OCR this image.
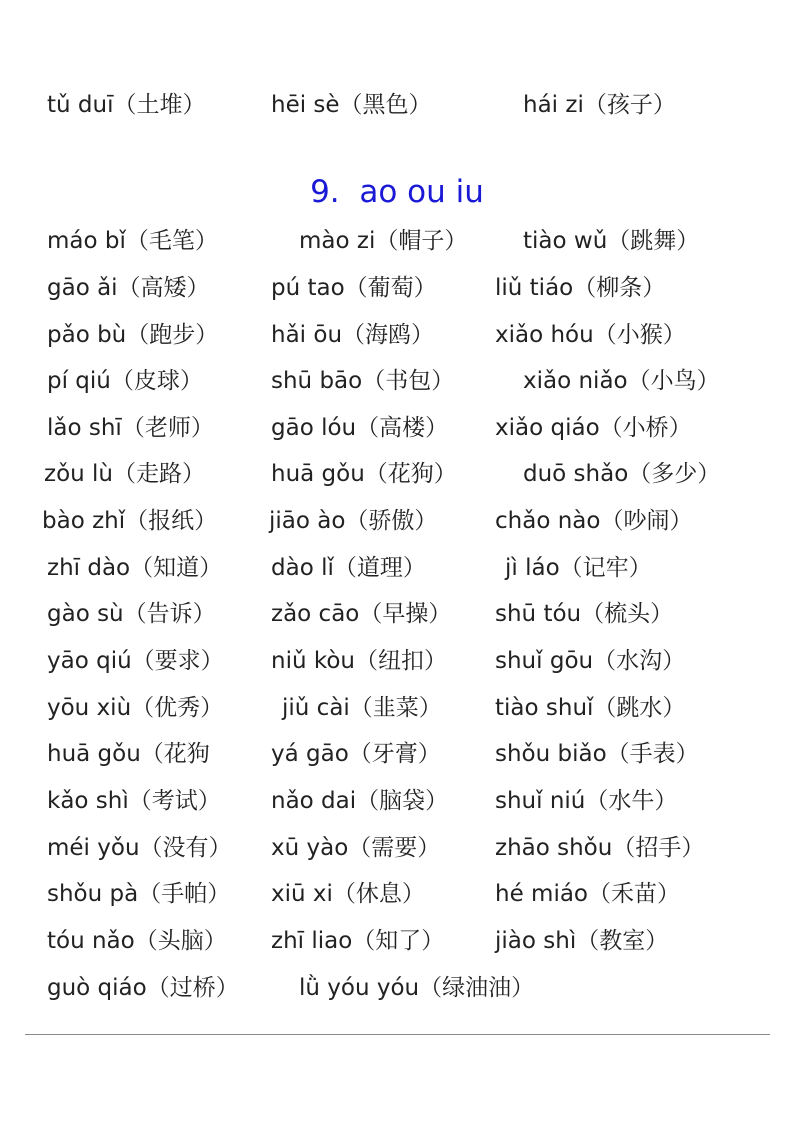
tǔ duī（土堆）	hēi sè（黑色）	hái zi（孩子）
9.  ao ou iu
máo bǐ（毛笔）	mào zi（帽子） tiào wǔ（跳舞）
gāo ǎi（高矮）	pú tao（葡萄）	liǔ tiáo（柳条）
pǎo bù（跑步） hǎi ōu（海鸥）	xiǎo hóu（小猴）
pí qiú（皮球）	shū bāo（书包）	xiǎo niǎo（小鸟）
lǎo shī（老师） gāo lóu（高楼） xiǎo qiáo（小桥）
zǒu lù（走路）	huā gǒu（花狗）	duō shǎo（多少）
bào zhǐ（报纸） jiāo ào（骄傲）	chǎo nào（吵闹）
zhī dào（知道） dào lǐ（道理）	jì láo（记牢）
gào sù（告诉） zǎo cāo（早操） shū tóu（梳头）
yāo qiú（要求） niǔ kòu（纽扣） shuǐ gōu（水沟）
yōu xiù（优秀）	jiǔ cài（韭菜） tiào shuǐ（跳水）
huā gǒu（花狗	yá gāo（牙膏） shǒu biǎo（手表）
kǎo shì（考试） nǎo dai（脑袋） shuǐ niú（水牛）
méi yǒu（没有） xū yào（需要） zhāo shǒu（招手）
shǒu pà（手帕） xiū xi（休息）	hé miáo（禾苗）
tóu nǎo（头脑） zhī liao（知了） jiào shì（教室）
guò qiáo（过桥）	lǜ yóu yóu（绿油油）
